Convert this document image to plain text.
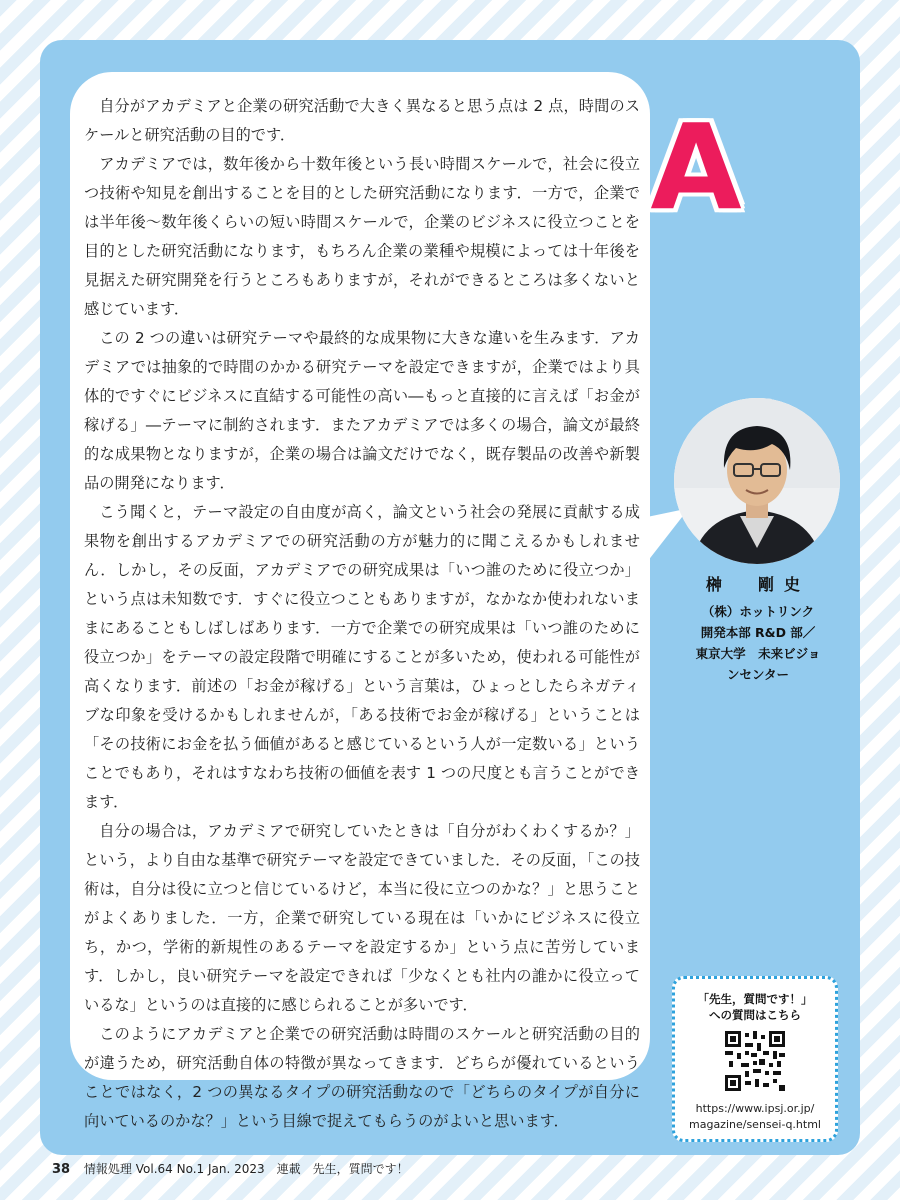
自分がアカデミアと企業の研究活動で大きく異なると思う点は 2 点，時間のスケールと研究活動の目的です．

アカデミアでは，数年後から十数年後という長い時間スケールで，社会に役立つ技術や知見を創出することを目的とした研究活動になります．一方で，企業では半年後〜数年後くらいの短い時間スケールで，企業のビジネスに役立つことを目的とした研究活動になります，もちろん企業の業種や規模によっては十年後を見据えた研究開発を行うところもありますが，それができるところは多くないと感じています．

この 2 つの違いは研究テーマや最終的な成果物に大きな違いを生みます．アカデミアでは抽象的で時間のかかる研究テーマを設定できますが，企業ではより具体的ですぐにビジネスに直結する可能性の高い―もっと直接的に言えば「お金が稼げる」―テーマに制約されます．またアカデミアでは多くの場合，論文が最終的な成果物となりますが，企業の場合は論文だけでなく，既存製品の改善や新製品の開発になります．

こう聞くと，テーマ設定の自由度が高く，論文という社会の発展に貢献する成果物を創出するアカデミアでの研究活動の方が魅力的に聞こえるかもしれません．しかし，その反面，アカデミアでの研究成果は「いつ誰のために役立つか」という点は未知数です．すぐに役立つこともありますが，なかなか使われないままにあることもしばしばあります．一方で企業での研究成果は「いつ誰のために役立つか」をテーマの設定段階で明確にすることが多いため，使われる可能性が高くなります．前述の「お金が稼げる」という言葉は，ひょっとしたらネガティブな印象を受けるかもしれませんが，「ある技術でお金が稼げる」ということは「その技術にお金を払う価値があると感じているという人が一定数いる」ということでもあり，それはすなわち技術の価値を表す 1 つの尺度とも言うことができます．

自分の場合は，アカデミアで研究していたときは「自分がわくわくするか？」という，より自由な基準で研究テーマを設定できていました．その反面，「この技術は，自分は役に立つと信じているけど，本当に役に立つのかな？」と思うことがよくありました．一方，企業で研究している現在は「いかにビジネスに役立ち，かつ，学術的新規性のあるテーマを設定するか」という点に苦労しています．しかし，良い研究テーマを設定できれば「少なくとも社内の誰かに役立っているな」というのは直接的に感じられることが多いです．

このようにアカデミアと企業での研究活動は時間のスケールと研究活動の目的が違うため，研究活動自体の特徴が異なってきます．どちらが優れているということではなく，2 つの異なるタイプの研究活動なので「どちらのタイプが自分に向いているのかな？」という目線で捉えてもらうのがよいと思います．

A
榊　剛史
（株）ホットリンク
開発本部 R&D 部／
東京大学　未来ビジョ
ンセンター
「先生，質問です！」
への質問はこちら
https://www.ipsj.or.jp/
magazine/sensei-q.html
38 情報処理 Vol.64 No.1 Jan. 2023　連載　先生，質問です！
